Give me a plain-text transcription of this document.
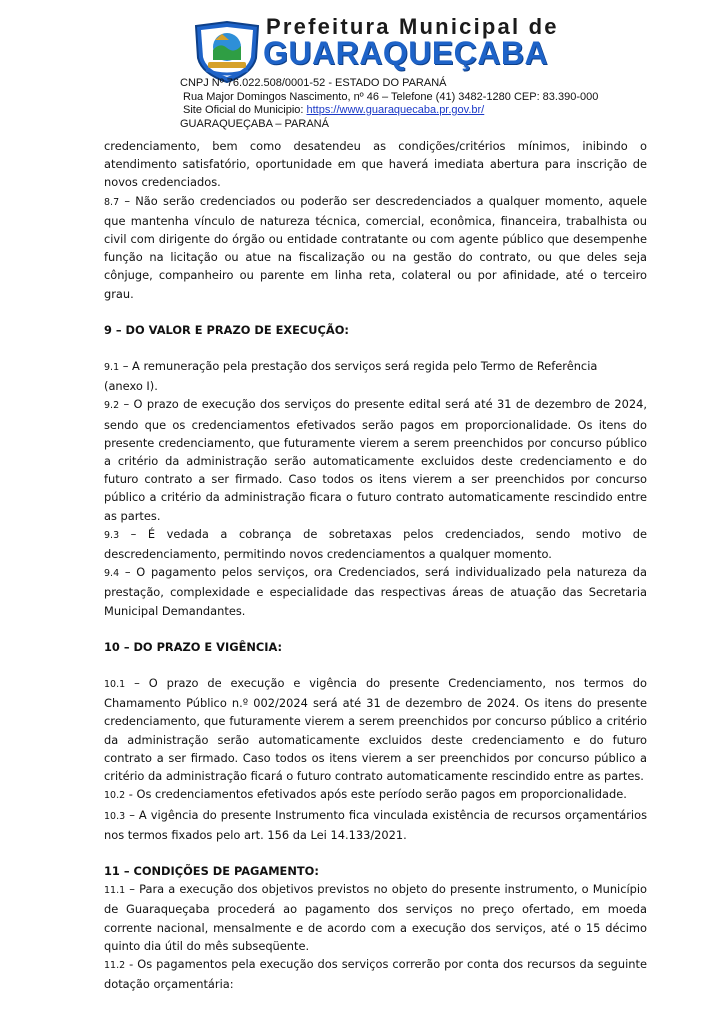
Prefeitura Municipal de
GUARAQUEÇABA
CNPJ Nº 76.022.508/0001-52 - ESTADO DO PARANÁ
Rua Major Domingos Nascimento, nº 46 – Telefone (41) 3482-1280 CEP: 83.390-000
Site Oficial do Municipio: https://www.guaraquecaba.pr.gov.br/
GUARAQUEÇABA – PARANÁ

credenciamento, bem como desatendeu as condições/critérios mínimos, inibindo o atendimento satisfatório, oportunidade em que haverá imediata abertura para inscrição de novos credenciados.

8.7 – Não serão credenciados ou poderão ser descredenciados a qualquer momento, aquele que mantenha vínculo de natureza técnica, comercial, econômica, financeira, trabalhista ou civil com dirigente do órgão ou entidade contratante ou com agente público que desempenhe função na licitação ou atue na fiscalização ou na gestão do contrato, ou que deles seja cônjuge, companheiro ou parente em linha reta, colateral ou por afinidade, até o terceiro grau.

9 – DO VALOR E PRAZO DE EXECUÇÃO:

9.1 – A remuneração pela prestação dos serviços será regida pelo Termo de Referência

(anexo I).

9.2 – O prazo de execução dos serviços do presente edital será até 31 de dezembro de 2024, sendo que os credenciamentos efetivados serão pagos em proporcionalidade. Os itens do presente credenciamento, que futuramente vierem a serem preenchidos por concurso público a critério da administração serão automaticamente excluidos deste credenciamento e do futuro contrato a ser firmado. Caso todos os itens vierem a ser preenchidos por concurso público a critério da administração ficara o futuro contrato automaticamente rescindido entre as partes.

9.3 – É vedada a cobrança de sobretaxas pelos credenciados, sendo motivo de descredenciamento, permitindo novos credenciamentos a qualquer momento.

9.4 – O pagamento pelos serviços, ora Credenciados, será individualizado pela natureza da prestação, complexidade e especialidade das respectivas áreas de atuação das Secretaria Municipal Demandantes.

10 – DO PRAZO E VIGÊNCIA:

10.1 – O prazo de execução e vigência do presente Credenciamento, nos termos do Chamamento Público n.º 002/2024 será até 31 de dezembro de 2024. Os itens do presente credenciamento, que futuramente vierem a serem preenchidos por concurso público a critério da administração serão automaticamente excluidos deste credenciamento e do futuro contrato a ser firmado. Caso todos os itens vierem a ser preenchidos por concurso público a critério da administração ficará o futuro contrato automaticamente rescindido entre as partes.

10.2 - Os credenciamentos efetivados após este período serão pagos em proporcionalidade.

10.3 – A vigência do presente Instrumento fica vinculada existência de recursos orçamentários nos termos fixados pelo art. 156 da Lei 14.133/2021.

11 – CONDIÇÕES DE PAGAMENTO:

11.1 – Para a execução dos objetivos previstos no objeto do presente instrumento, o Município de Guaraqueçaba procederá ao pagamento dos serviços no preço ofertado, em moeda corrente nacional, mensalmente e de acordo com a execução dos serviços, até o 15 décimo quinto dia útil do mês subseqüente.

11.2 - Os pagamentos pela execução dos serviços correrão por conta dos recursos da seguinte dotação orçamentária:
